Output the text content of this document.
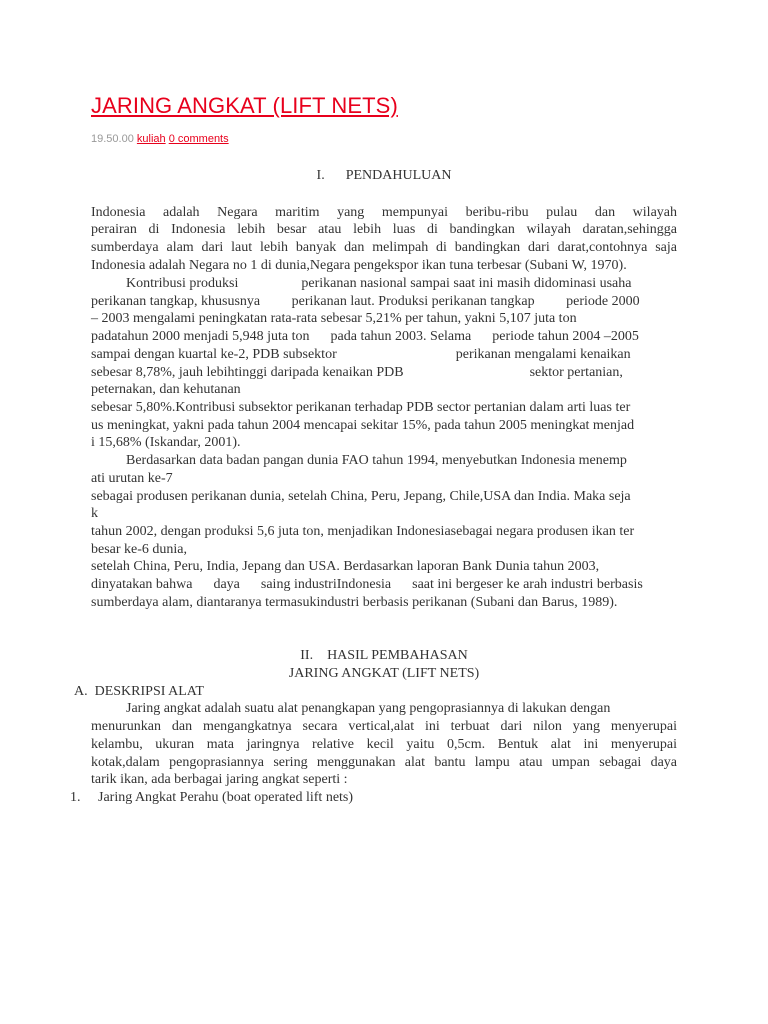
JARING ANGKAT (LIFT NETS)
19.50.00 kuliah 0 comments
I.      PENDAHULUAN
Indonesia adalah Negara maritim yang mempunyai beribu-ribu pulau dan wilayah
perairan di Indonesia lebih besar atau lebih luas di bandingkan wilayah daratan,sehingga
sumberdaya alam dari laut lebih banyak dan melimpah di bandingkan dari darat,contohnya saja
Indonesia adalah Negara no 1 di dunia,Negara pengekspor ikan tuna terbesar (Subani W, 1970).
Kontribusi produksi                  perikanan nasional sampai saat ini masih didominasi usaha
perikanan tangkap, khususnya         perikanan laut. Produksi perikanan tangkap         periode 2000
– 2003 mengalami peningkatan rata-rata sebesar 5,21% per tahun, yakni 5,107 juta ton
padatahun 2000 menjadi 5,948 juta ton      pada tahun 2003. Selama      periode tahun 2004 –2005
sampai dengan kuartal ke-2, PDB subsektor                                  perikanan mengalami kenaikan
sebesar 8,78%, jauh lebihtinggi daripada kenaikan PDB                                    sektor pertanian,
peternakan, dan kehutanan
sebesar 5,80%.Kontribusi subsektor perikanan terhadap PDB sector pertanian dalam arti luas ter
us meningkat, yakni pada tahun 2004 mencapai sekitar 15%, pada tahun 2005 meningkat menjad
i 15,68% (Iskandar, 2001).
Berdasarkan data badan pangan dunia FAO tahun 1994, menyebutkan Indonesia menemp
ati urutan ke-7
sebagai produsen perikanan dunia, setelah China, Peru, Jepang, Chile,USA dan India. Maka seja
k
tahun 2002, dengan produksi 5,6 juta ton, menjadikan Indonesiasebagai negara produsen ikan ter
besar ke-6 dunia,
setelah China, Peru, India, Jepang dan USA. Berdasarkan laporan Bank Dunia tahun 2003,
dinyatakan bahwa      daya      saing industriIndonesia      saat ini bergeser ke arah industri berbasis
sumberdaya alam, diantaranya termasukindustri berbasis perikanan (Subani dan Barus, 1989).
II.    HASIL PEMBAHASAN
JARING ANGKAT (LIFT NETS)
A.  DESKRIPSI ALAT
Jaring angkat adalah suatu alat penangkapan yang pengoprasiannya di lakukan dengan
menurunkan dan mengangkatnya secara vertical,alat ini terbuat dari nilon yang menyerupai
kelambu, ukuran mata jaringnya relative kecil yaitu 0,5cm. Bentuk alat ini menyerupai
kotak,dalam pengoprasiannya sering menggunakan alat bantu lampu atau umpan sebagai daya
tarik ikan, ada berbagai jaring angkat seperti :
1.     Jaring Angkat Perahu (boat operated lift nets)
